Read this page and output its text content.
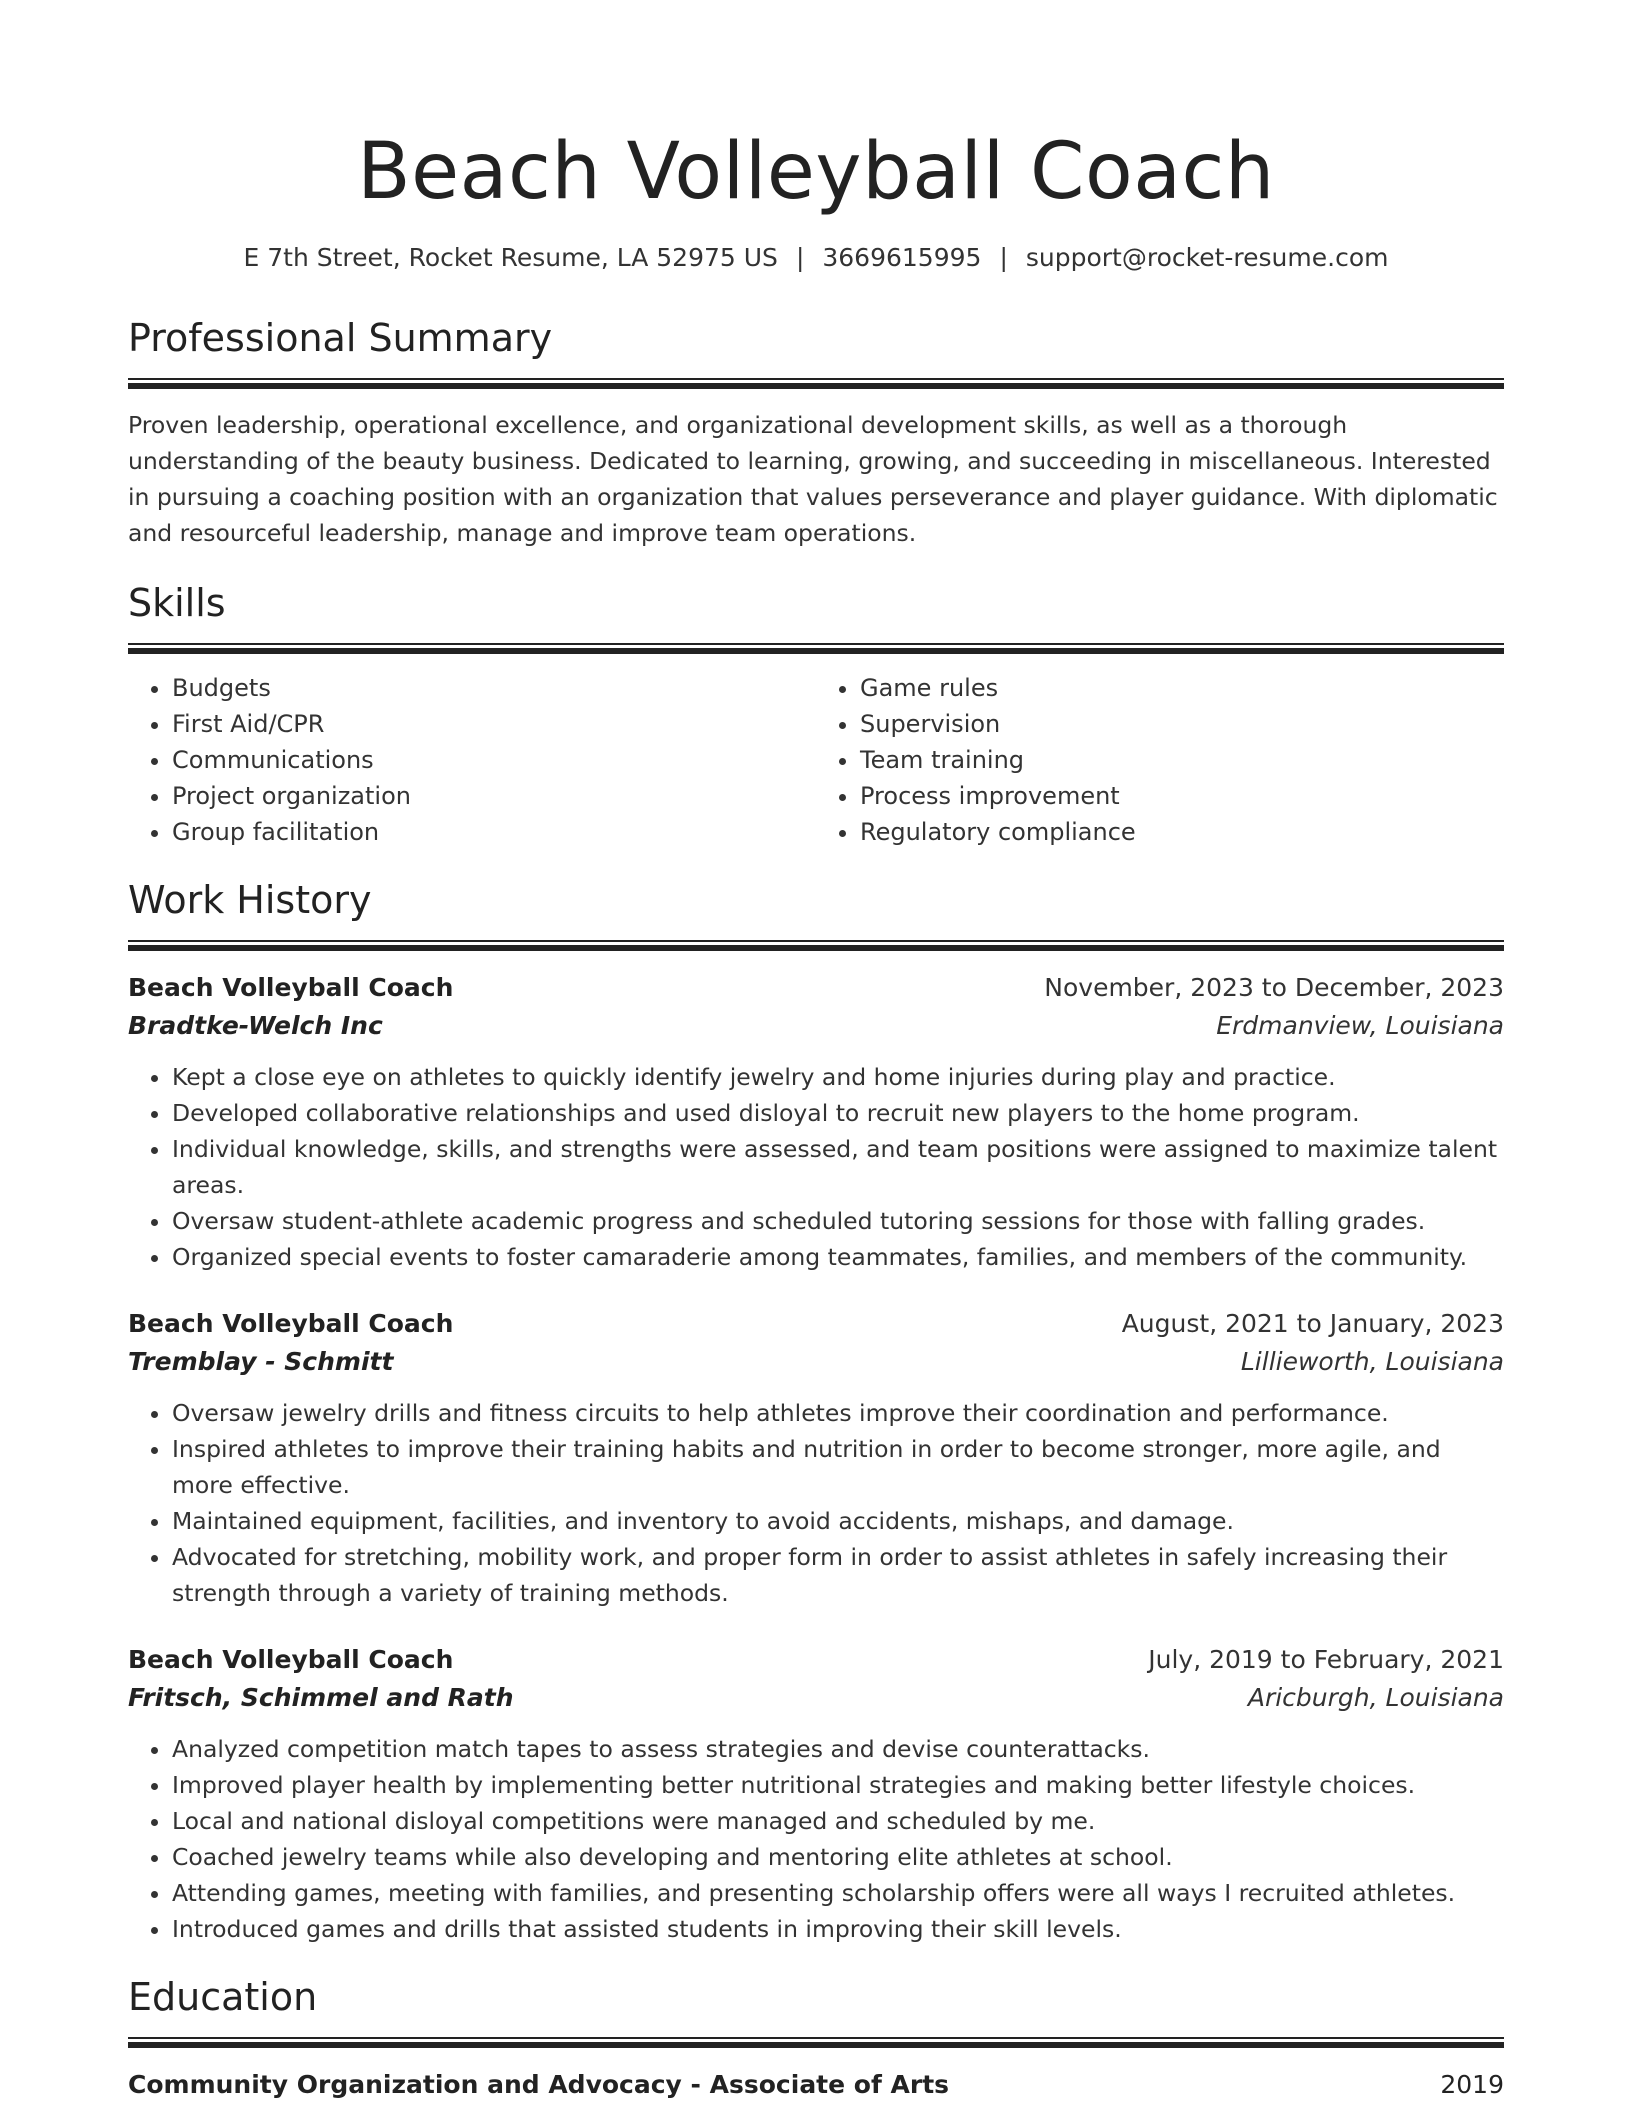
Beach Volleyball Coach
E 7th Street, Rocket Resume, LA 52975 US | 3669615995 | support@rocket-resume.com
Professional Summary
Proven leadership, operational excellence, and organizational development skills, as well as a thorough understanding of the beauty business. Dedicated to learning, growing, and succeeding in miscellaneous. Interested in pursuing a coaching position with an organization that values perseverance and player guidance. With diplomatic and resourceful leadership, manage and improve team operations.
Skills
• Budgets
• First Aid/CPR
• Communications
• Project organization
• Group facilitation
• Game rules
• Supervision
• Team training
• Process improvement
• Regulatory compliance
Work History
Beach Volleyball Coach	November, 2023 to December, 2023
Bradtke-Welch Inc	Erdmanview, Louisiana
• Kept a close eye on athletes to quickly identify jewelry and home injuries during play and practice.
• Developed collaborative relationships and used disloyal to recruit new players to the home program.
• Individual knowledge, skills, and strengths were assessed, and team positions were assigned to maximize talent areas.
• Oversaw student-athlete academic progress and scheduled tutoring sessions for those with falling grades.
• Organized special events to foster camaraderie among teammates, families, and members of the community.
Beach Volleyball Coach	August, 2021 to January, 2023
Tremblay - Schmitt	Lillieworth, Louisiana
• Oversaw jewelry drills and fitness circuits to help athletes improve their coordination and performance.
• Inspired athletes to improve their training habits and nutrition in order to become stronger, more agile, and more effective.
• Maintained equipment, facilities, and inventory to avoid accidents, mishaps, and damage.
• Advocated for stretching, mobility work, and proper form in order to assist athletes in safely increasing their strength through a variety of training methods.
Beach Volleyball Coach	July, 2019 to February, 2021
Fritsch, Schimmel and Rath	Aricburgh, Louisiana
• Analyzed competition match tapes to assess strategies and devise counterattacks.
• Improved player health by implementing better nutritional strategies and making better lifestyle choices.
• Local and national disloyal competitions were managed and scheduled by me.
• Coached jewelry teams while also developing and mentoring elite athletes at school.
• Attending games, meeting with families, and presenting scholarship offers were all ways I recruited athletes.
• Introduced games and drills that assisted students in improving their skill levels.
Education
Community Organization and Advocacy - Associate of Arts	2019
